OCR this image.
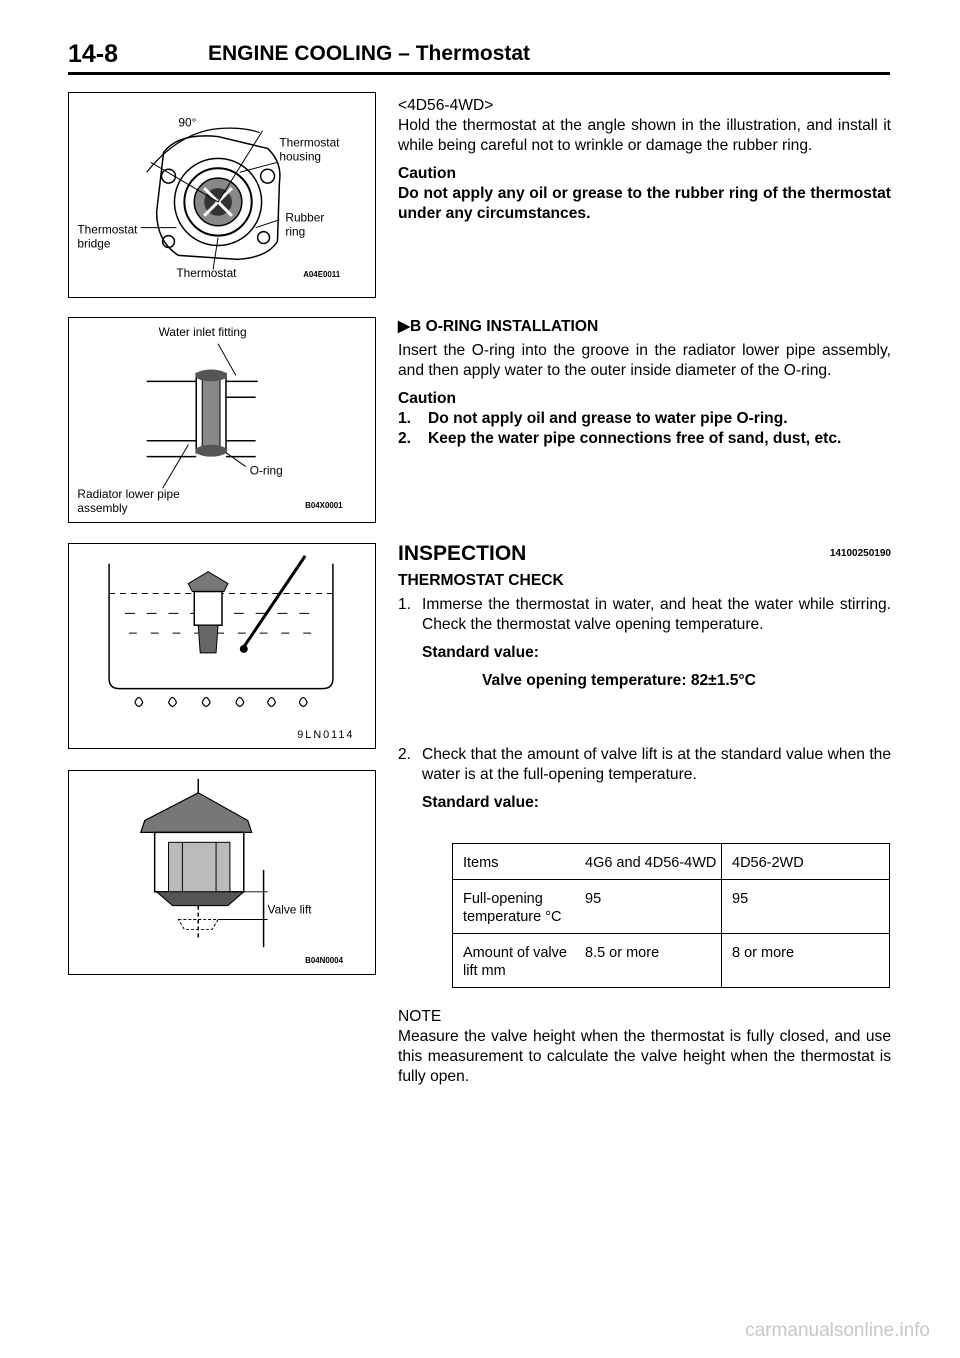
14-8	ENGINE COOLING – Thermostat
90°
Thermostat
housing
Thermostat
bridge
Rubber
ring
Thermostat	A04E0011
Water inlet fitting
O-ring
Radiator lower pipe
assembly	B04X0001
9LN0114
Valve lift
B04N0004

<4D56-4WD>

Hold the thermostat at the angle shown in the illustration, and install it while being careful not to wrinkle or damage the rubber ring.

Caution

Do not apply any oil or grease to the rubber ring of the thermostat under any circumstances.

▶B O-RING INSTALLATION

Insert the O-ring into the groove in the radiator lower pipe assembly, and then apply water to the outer inside diameter of the O-ring.

Caution

1.	Do not apply oil and grease to water pipe O-ring.
2.	Keep the water pipe connections free of sand, dust, etc.

INSPECTION	14100250190

THERMOSTAT CHECK

1. Immerse the thermostat in water, and heat the water while stirring. Check the thermostat valve opening temperature.

Standard value:

Valve opening temperature: 82±1.5°C

2. Check that the amount of valve lift is at the standard value when the water is at the full-opening temperature.

Standard value:

Items	4G6 and 4D56-4WD	4D56-2WD
Full-opening temperature °C	95	95
Amount of valve lift mm	8.5 or more	8 or more

NOTE

Measure the valve height when the thermostat is fully closed, and use this measurement to calculate the valve height when the thermostat is fully open.

carmanualsonline.info
